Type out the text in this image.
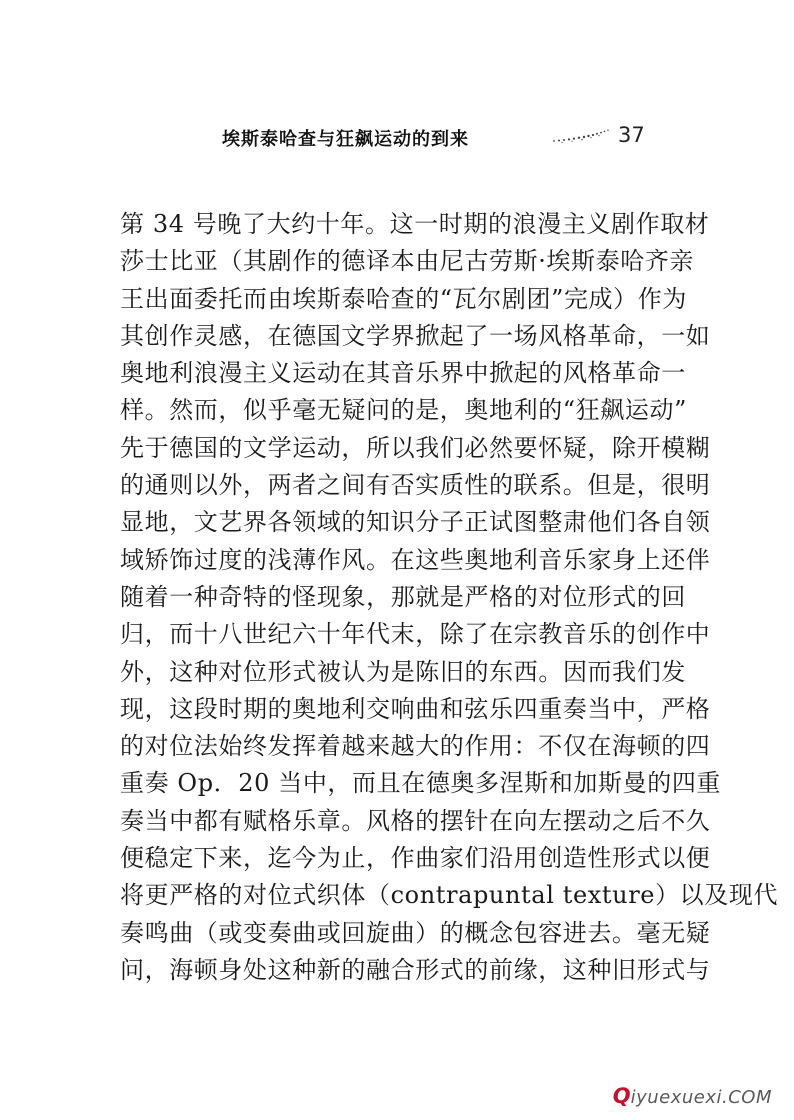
埃斯泰哈查与狂飙运动的到来	37
第 34 号晚了大约十年。这一时期的浪漫主义剧作取材
莎士比亚（其剧作的德译本由尼古劳斯·埃斯泰哈齐亲
王出面委托而由埃斯泰哈查的“瓦尔剧团”完成）作为
其创作灵感，在德国文学界掀起了一场风格革命，一如
奥地利浪漫主义运动在其音乐界中掀起的风格革命一
样。然而，似乎毫无疑问的是，奥地利的“狂飙运动”
先于德国的文学运动，所以我们必然要怀疑，除开模糊
的通则以外，两者之间有否实质性的联系。但是，很明
显地，文艺界各领域的知识分子正试图整肃他们各自领
域矫饰过度的浅薄作风。在这些奥地利音乐家身上还伴
随着一种奇特的怪现象，那就是严格的对位形式的回
归，而十八世纪六十年代末，除了在宗教音乐的创作中
外，这种对位形式被认为是陈旧的东西。因而我们发
现，这段时期的奥地利交响曲和弦乐四重奏当中，严格
的对位法始终发挥着越来越大的作用：不仅在海顿的四
重奏 Op．20 当中，而且在德奥多涅斯和加斯曼的四重
奏当中都有赋格乐章。风格的摆针在向左摆动之后不久
便稳定下来，迄今为止，作曲家们沿用创造性形式以便
将更严格的对位式织体（contrapuntal texture）以及现代
奏鸣曲（或变奏曲或回旋曲）的概念包容进去。毫无疑
问，海顿身处这种新的融合形式的前缘，这种旧形式与
Qiyuexuexi.COM
